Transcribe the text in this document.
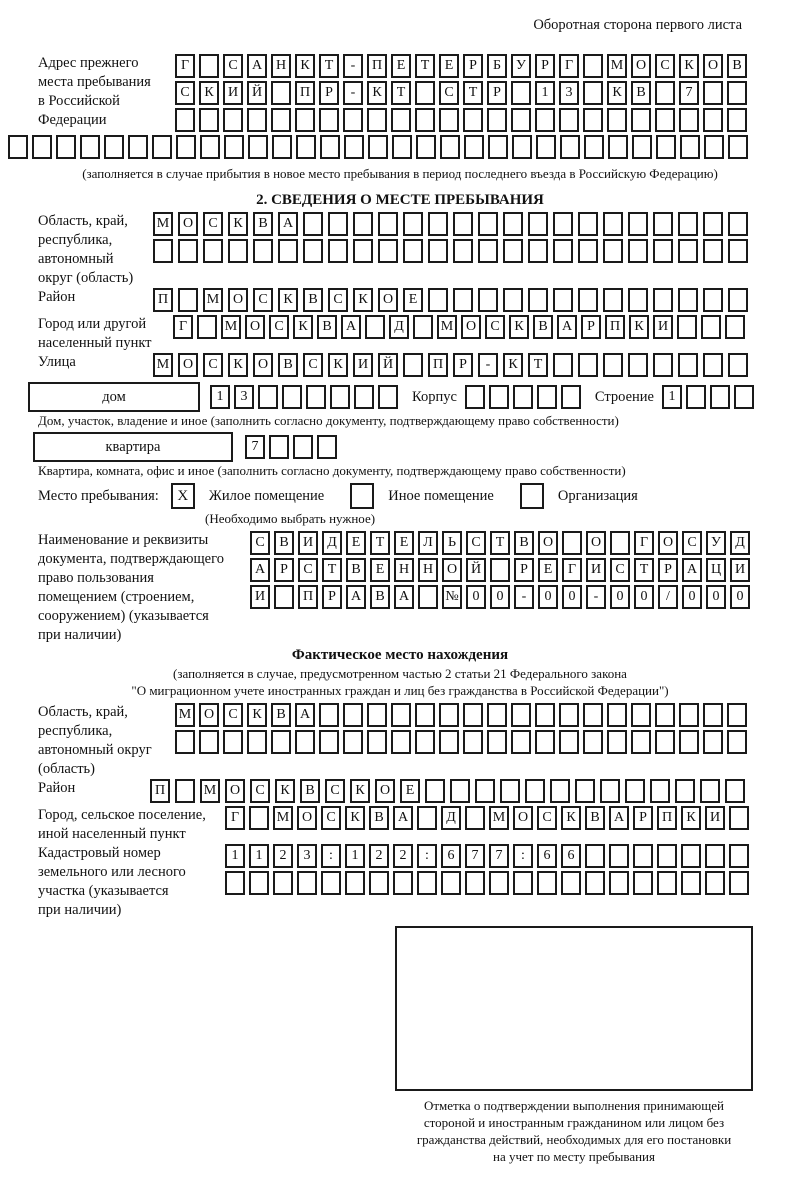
Оборотная сторона первого листа
Адрес прежнего
места пребывания
в Российской
Федерации
Г	С	А Н	К	Т	-	П	Е	Т	Е	Р	Б	У	Р	Г	М О	С	К	О	В
С	К	И Й	П	Р	-	К	Т	С	Т	Р	1	3	К	В	7
(заполняется в случае прибытия в новое место пребывания в период последнего въезда в Российскую Федерацию)
2. СВЕДЕНИЯ О МЕСТЕ ПРЕБЫВАНИЯ
Область, край,
республика,
автономный
округ (область)
М О	С	К	В	А
Район	П	М О	С	К	В	С	К	О	Е
Город или другой
населенный пункт
Г	М О	С	К	В	А	Д	М О	С	К	В	А	Р	П	К	И
Улица	М О	С	К	О	В	С	К	И	Й	П	Р	-	К	Т
дом	1	3	Корпус	Строение	1
Дом, участок, владение и иное (заполнить согласно документу, подтверждающему право собственности)
квартира	7
Квартира, комната, офис и иное (заполнить согласно документу, подтверждающему право собственности)
Место пребывания:	X	Жилое помещение	Иное помещение	Организация
(Необходимо выбрать нужное)
Наименование и реквизиты
документа, подтверждающего
право пользования
помещением (строением,
сооружением) (указывается
при наличии)
С	В	И	Д	Е	Т	Е	Л	Ь	С	Т	В	О	О	Г	О	С	У	Д
А	Р	С	Т	В	Е	Н Н О Й	Р	Е	Г	И	С	Т	Р	А Ц И
И	П	Р	А	В	А	№ 0	0	-	0	0	-	0	0	/	0	0	0
Фактическое место нахождения
(заполняется в случае, предусмотренном частью 2 статьи 21 Федерального закона
"О миграционном учете иностранных граждан и лиц без гражданства в Российской Федерации")
Область, край,
республика,
автономный округ
(область)
М О	С	К	В	А
Район	П	М О	С	К	В	С	К	О	Е
Город, сельское поселение,
иной населенный пункт
Г	М О	С	К	В	А	Д	М О	С	К	В	А	Р	П	К	И
Кадастровый номер
земельного или лесного
участка (указывается
при наличии)
1	1	2	3	:	1	2	2	:	6	7	7	:	6	6
Отметка о подтверждении выполнения принимающей
стороной и иностранным гражданином или лицом без
гражданства действий, необходимых для его постановки
на учет по месту пребывания
